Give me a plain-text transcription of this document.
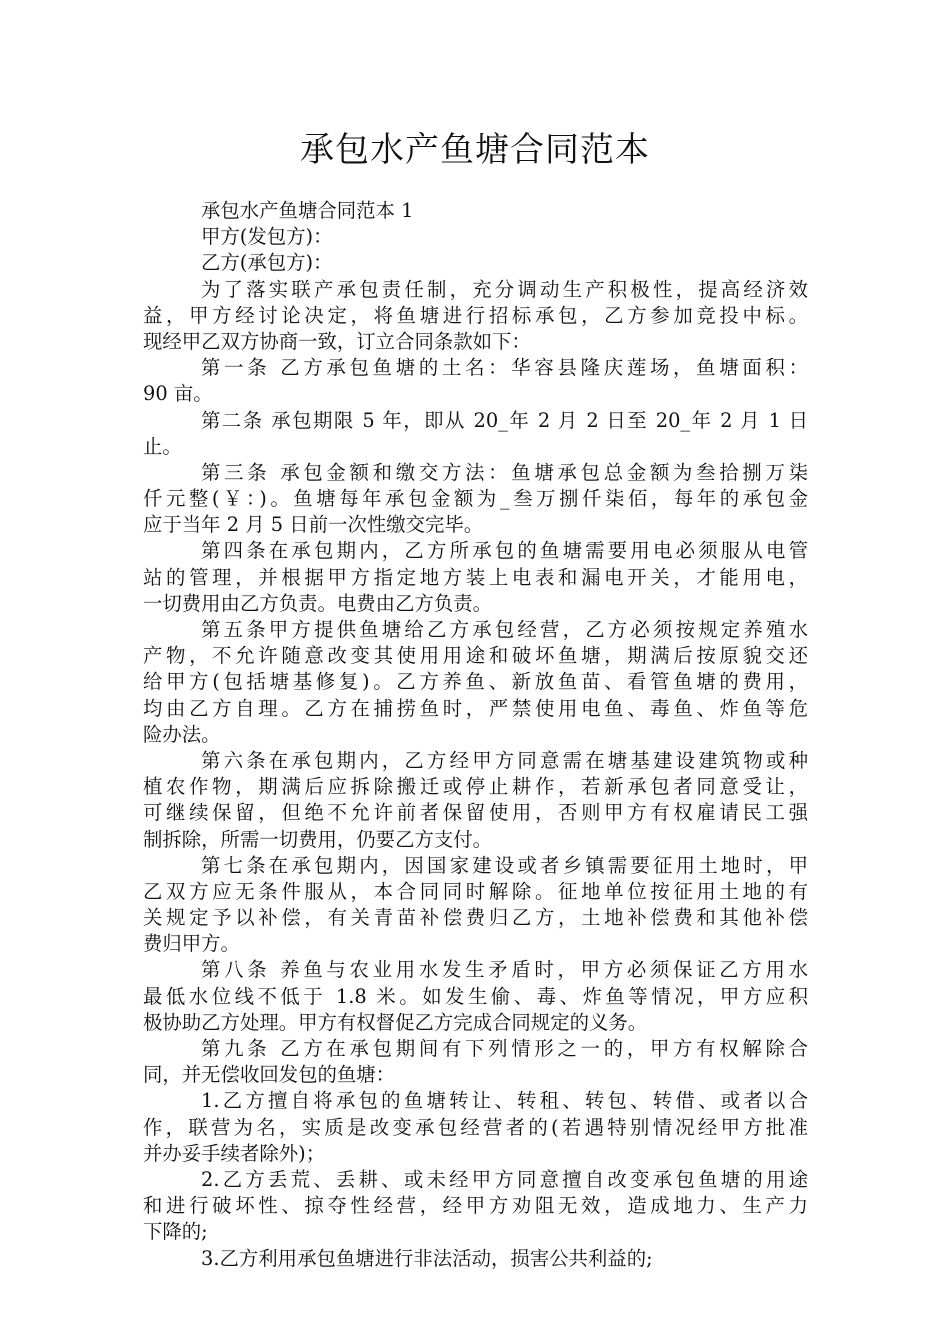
承包水产鱼塘合同范本
承包水产鱼塘合同范本 1
甲方(发包方)：
乙方(承包方)：
为了落实联产承包责任制，充分调动生产积极性，提高经济效
益，甲方经讨论决定，将鱼塘进行招标承包，乙方参加竞投中标。
现经甲乙双方协商一致，订立合同条款如下：
第一条 乙方承包鱼塘的土名：华容县隆庆莲场，鱼塘面积：
90 亩。
第二条 承包期限 5 年，即从 20_年 2 月 2 日至 20_年 2 月 1 日
止。
第三条 承包金额和缴交方法：鱼塘承包总金额为叁拾捌万柒
仟元整(￥：)。鱼塘每年承包金额为_叁万捌仟柒佰，每年的承包金
应于当年 2 月 5 日前一次性缴交完毕。
第四条在承包期内，乙方所承包的鱼塘需要用电必须服从电管
站的管理，并根据甲方指定地方装上电表和漏电开关，才能用电，
一切费用由乙方负责。电费由乙方负责。
第五条甲方提供鱼塘给乙方承包经营，乙方必须按规定养殖水
产物，不允许随意改变其使用用途和破坏鱼塘，期满后按原貌交还
给甲方(包括塘基修复)。乙方养鱼、新放鱼苗、看管鱼塘的费用，
均由乙方自理。乙方在捕捞鱼时，严禁使用电鱼、毒鱼、炸鱼等危
险办法。
第六条在承包期内，乙方经甲方同意需在塘基建设建筑物或种
植农作物，期满后应拆除搬迁或停止耕作，若新承包者同意受让，
可继续保留，但绝不允许前者保留使用，否则甲方有权雇请民工强
制拆除，所需一切费用，仍要乙方支付。
第七条在承包期内，因国家建设或者乡镇需要征用土地时，甲
乙双方应无条件服从，本合同同时解除。征地单位按征用土地的有
关规定予以补偿，有关青苗补偿费归乙方，土地补偿费和其他补偿
费归甲方。
第八条 养鱼与农业用水发生矛盾时，甲方必须保证乙方用水
最低水位线不低于 1.8 米。如发生偷、毒、炸鱼等情况，甲方应积
极协助乙方处理。甲方有权督促乙方完成合同规定的义务。
第九条 乙方在承包期间有下列情形之一的，甲方有权解除合
同，并无偿收回发包的鱼塘：
1.乙方擅自将承包的鱼塘转让、转租、转包、转借、或者以合
作，联营为名，实质是改变承包经营者的(若遇特别情况经甲方批准
并办妥手续者除外)；
2.乙方丢荒、丢耕、或未经甲方同意擅自改变承包鱼塘的用途
和进行破坏性、掠夺性经营，经甲方劝阻无效，造成地力、生产力
下降的;
3.乙方利用承包鱼塘进行非法活动，损害公共利益的;
